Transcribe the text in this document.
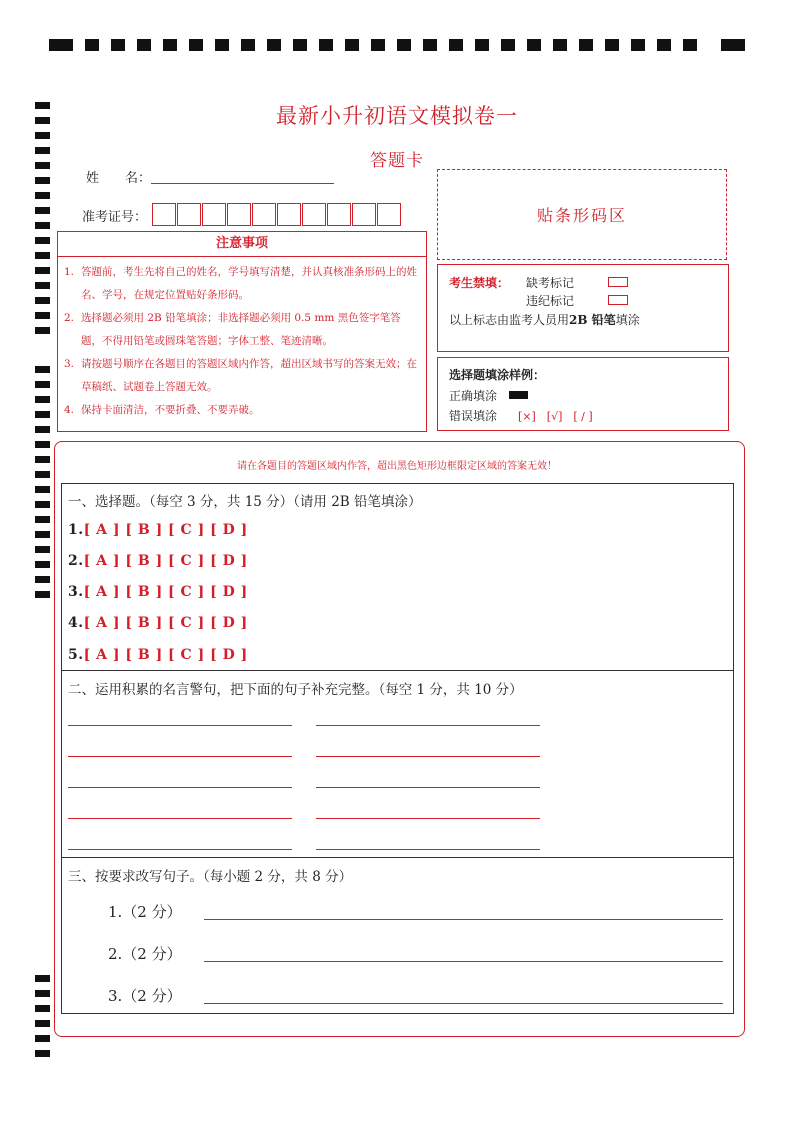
最新小升初语文模拟卷一
答题卡
姓　　名：
准考证号：	贴条形码区
注意事项
1. 答题前，考生先将自己的姓名，学号填写清楚，并认真核准条形码上的姓名、学号，在规定位置贴好条形码。
2. 选择题必须用 2B 铅笔填涂；非选择题必须用 0.5 mm 黑色签字笔答题，不得用铅笔或圆珠笔答题；字体工整、笔迹清晰。
3. 请按题号顺序在各题目的答题区域内作答，超出区域书写的答案无效；在草稿纸、试题卷上答题无效。
4. 保持卡面清洁，不要折叠、不要弄破。
考生禁填： 缺考标记
违纪标记
以上标志由监考人员用2B 铅笔填涂
选择题填涂样例：
正确填涂
错误填涂 [×]　[√]　[ / ]
请在各题目的答题区域内作答，超出黑色矩形边框限定区域的答案无效！
一、选择题。（每空 3 分，共 15 分）（请用 2B 铅笔填涂）
1.[ A ] [ B ] [ C ] [ D ]
2.[ A ] [ B ] [ C ] [ D ]
3.[ A ] [ B ] [ C ] [ D ]
4.[ A ] [ B ] [ C ] [ D ]
5.[ A ] [ B ] [ C ] [ D ]
二、运用积累的名言警句，把下面的句子补充完整。（每空 1 分，共 10 分）
三、按要求改写句子。（每小题 2 分，共 8 分）
1.（2 分）
2.（2 分）
3.（2 分）
